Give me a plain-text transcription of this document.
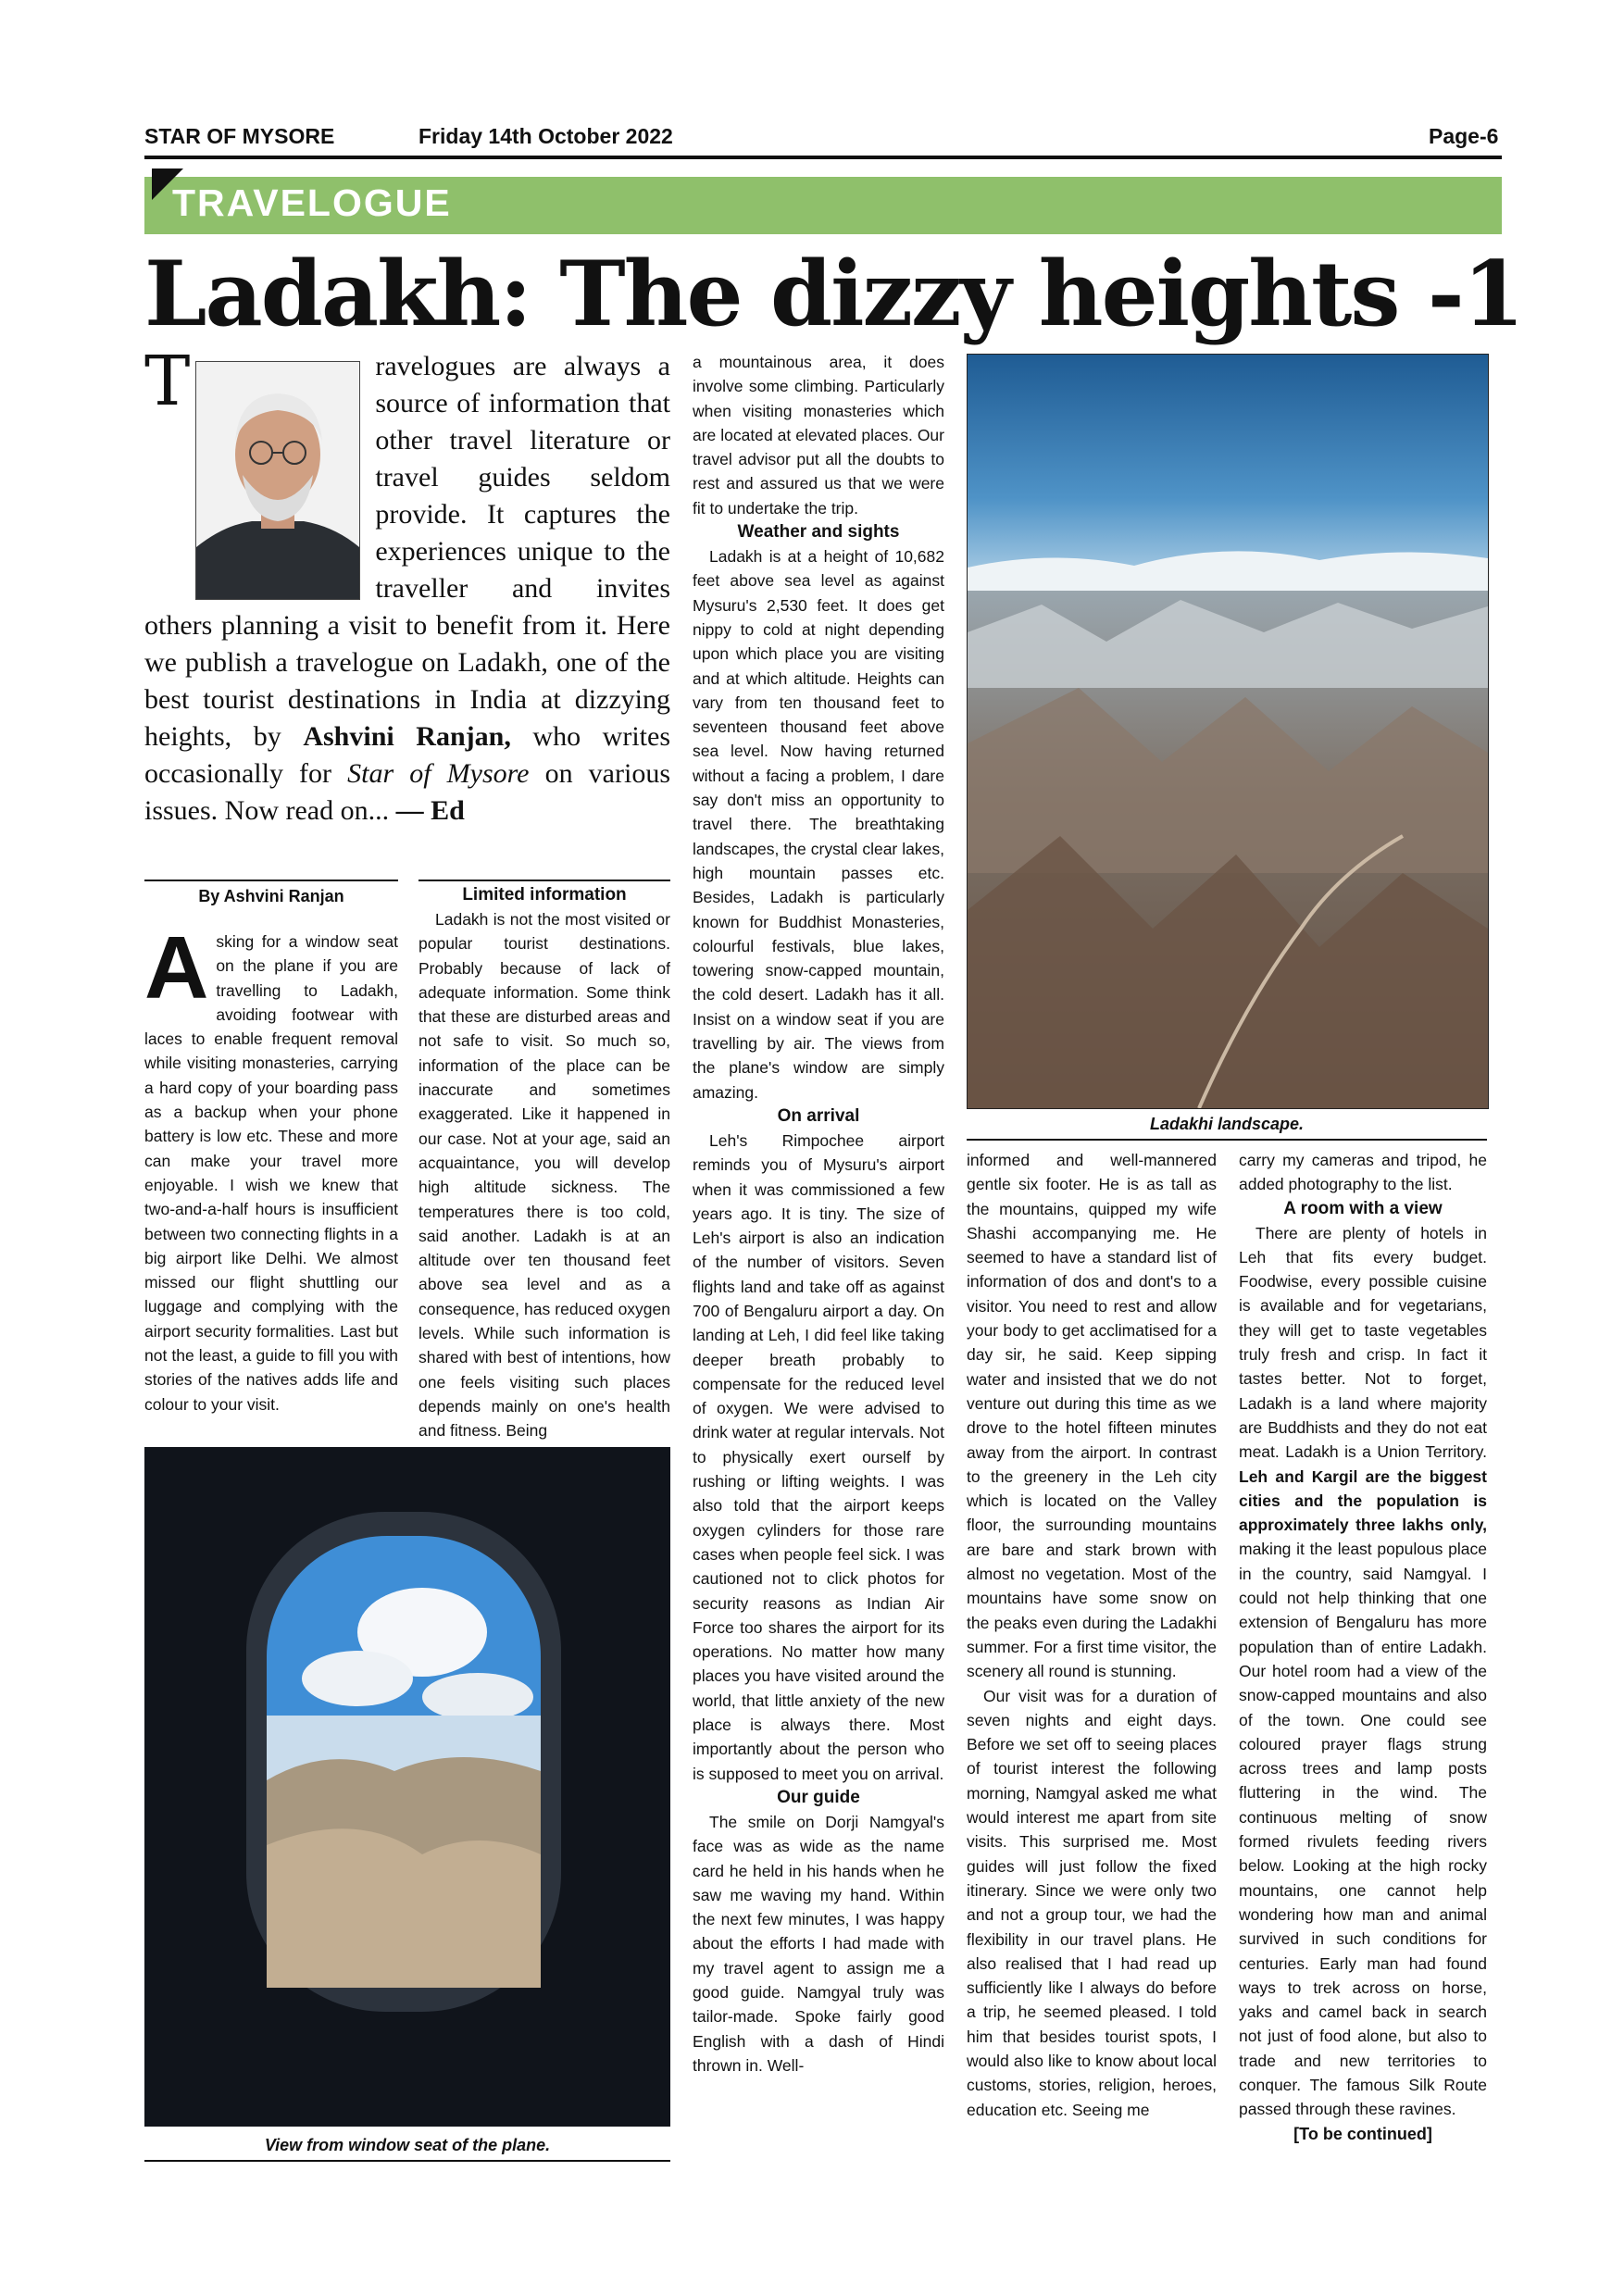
STAR OF MYSORE	Friday 14th October 2022	Page-6
TRAVELOGUE
Ladakh: The dizzy heights -1

T	ravelogues are always a source of information that other travel literature or travel guides seldom provide. It captures the experiences unique to the traveller and invites others planning a visit to benefit from it. Here we publish a travelogue on Ladakh, one of the best tourist destinations in India at dizzying heights, by Ashvini Ranjan, who writes occasionally for Star of Mysore on various issues. Now read on... — Ed

By Ashvini Ranjan

Asking for a window seat on the plane if you are travelling to Ladakh, avoiding footwear with laces to enable frequent removal while visiting monasteries, carrying a hard copy of your boarding pass as a backup when your phone battery is low etc. These and more can make your travel more enjoyable. I wish we knew that two-and-a-half hours is insufficient between two connecting flights in a big airport like Delhi. We almost missed our flight shuttling our luggage and complying with the airport security formalities. Last but not the least, a guide to fill you with stories of the natives adds life and colour to your visit.

Limited information

Ladakh is not the most visited or popular tourist destinations. Probably because of lack of adequate information. Some think that these are disturbed areas and not safe to visit. So much so, information of the place can be inaccurate and sometimes exaggerated. Like it happened in our case. Not at your age, said an acquaintance, you will develop high altitude sickness. The temperatures there is too cold, said another. Ladakh is at an altitude over ten thousand feet above sea level and as a consequence, has reduced oxygen levels. While such information is shared with best of intentions, how one feels visiting such places depends mainly on one's health and fitness. Being

a mountainous area, it does involve some climbing. Particularly when visiting monasteries which are located at elevated places. Our travel advisor put all the doubts to rest and assured us that we were fit to undertake the trip.

Weather and sights

Ladakh is at a height of 10,682 feet above sea level as against Mysuru's 2,530 feet. It does get nippy to cold at night depending upon which place you are visiting and at which altitude. Heights can vary from ten thousand feet to seventeen thousand feet above sea level. Now having returned without a facing a problem, I dare say don't miss an opportunity to travel there. The breathtaking landscapes, the crystal clear lakes, high mountain passes etc. Besides, Ladakh is particularly known for Buddhist Monasteries, colourful festivals, blue lakes, towering snow-capped mountain, the cold desert. Ladakh has it all. Insist on a window seat if you are travelling by air. The views from the plane's window are simply amazing.

On arrival

Leh's Rimpochee airport reminds you of Mysuru's airport when it was commissioned a few years ago. It is tiny. The size of Leh's airport is also an indication of the number of visitors. Seven flights land and take off as against 700 of Bengaluru airport a day. On landing at Leh, I did feel like taking deeper breath probably to compensate for the reduced level of oxygen. We were advised to drink water at regular intervals. Not to physically exert ourself by rushing or lifting weights. I was also told that the airport keeps oxygen cylinders for those rare cases when people feel sick. I was cautioned not to click photos for security reasons as Indian Air Force too shares the airport for its operations. No matter how many places you have visited around the world, that little anxiety of the new place is always there. Most importantly about the person who is supposed to meet you on arrival.

Our guide

The smile on Dorji Namgyal's face was as wide as the name card he held in his hands when he saw me waving my hand. Within the next few minutes, I was happy about the efforts I had made with my travel agent to assign me a good guide. Namgyal truly was tailor-made. Spoke fairly good English with a dash of Hindi thrown in. Well-

Ladakhi landscape.

informed and well-mannered gentle six footer. He is as tall as the mountains, quipped my wife Shashi accompanying me. He seemed to have a standard list of information of dos and dont's to a visitor. You need to rest and allow your body to get acclimatised for a day sir, he said. Keep sipping water and insisted that we do not venture out during this time as we drove to the hotel fifteen minutes away from the airport. In contrast to the greenery in the Leh city which is located on the Valley floor, the surrounding mountains are bare and stark brown with almost no vegetation. Most of the mountains have some snow on the peaks even during the Ladakhi summer. For a first time visitor, the scenery all round is stunning.

Our visit was for a duration of seven nights and eight days. Before we set off to seeing places of tourist interest the following morning, Namgyal asked me what would interest me apart from site visits. This surprised me. Most guides will just follow the fixed itinerary. Since we were only two and not a group tour, we had the flexibility in our travel plans. He also realised that I had read up sufficiently like I always do before a trip, he seemed pleased. I told him that besides tourist spots, I would also like to know about local customs, stories, religion, heroes, education etc. Seeing me

carry my cameras and tripod, he added photography to the list.

A room with a view

There are plenty of hotels in Leh that fits every budget. Foodwise, every possible cuisine is available and for vegetarians, they will get to taste vegetables truly fresh and crisp. In fact it tastes better. Not to forget, Ladakh is a land where majority are Buddhists and they do not eat meat. Ladakh is a Union Territory. Leh and Kargil are the biggest cities and the population is approximately three lakhs only, making it the least populous place in the country, said Namgyal. I could not help thinking that one extension of Bengaluru has more population than of entire Ladakh. Our hotel room had a view of the snow-capped mountains and also of the town. One could see coloured prayer flags strung across trees and lamp posts fluttering in the wind. The continuous melting of snow formed rivulets feeding rivers below. Looking at the high rocky mountains, one cannot help wondering how man and animal survived in such conditions for centuries. Early man had found ways to trek across on horse, yaks and camel back in search not just of food alone, but also to trade and new territories to conquer. The famous Silk Route passed through these ravines.

[To be continued]
View from window seat of the plane.
